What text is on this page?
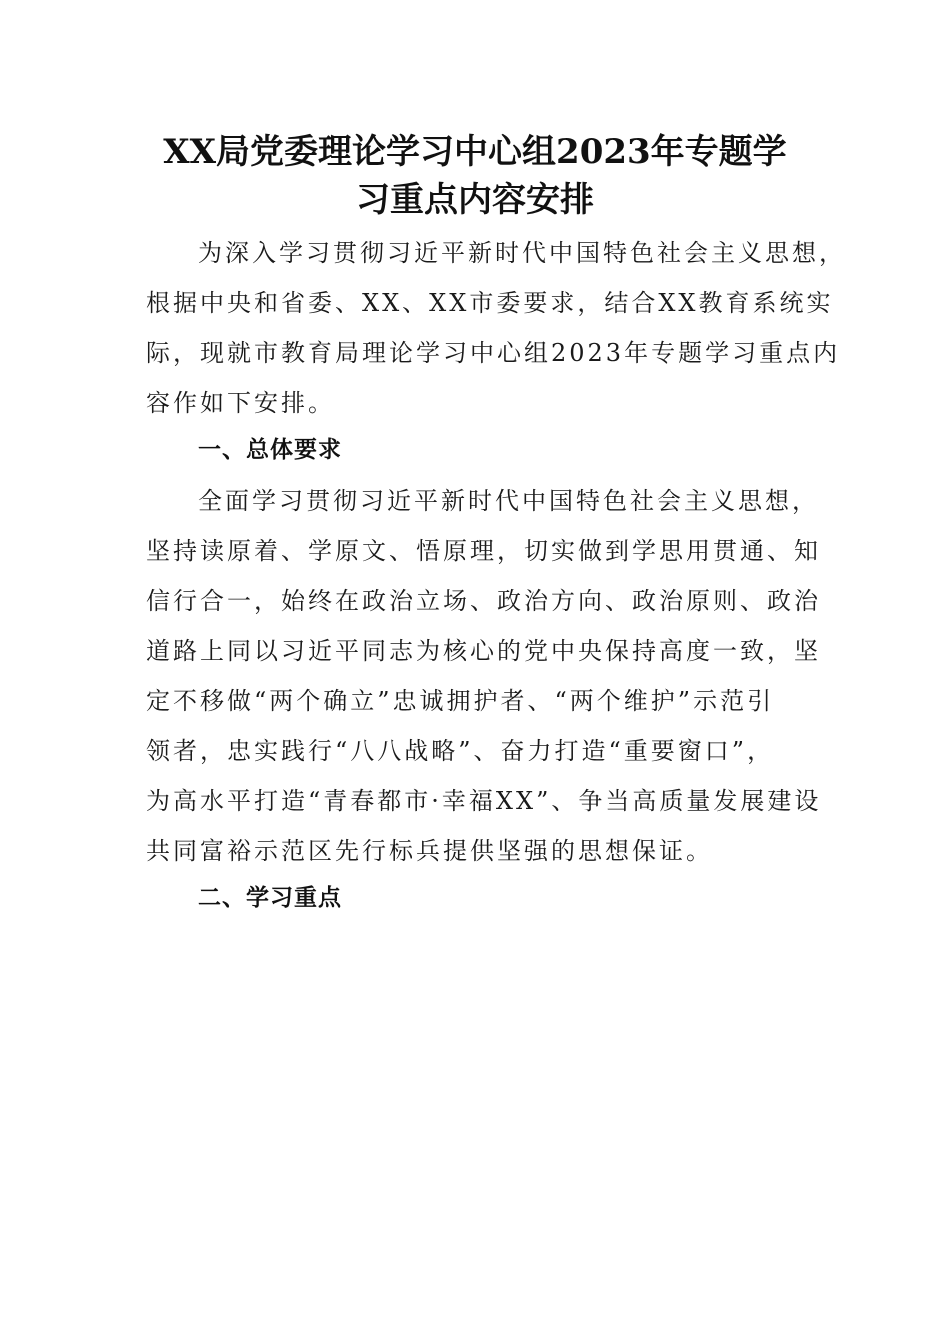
XX局党委理论学习中心组2023年专题学
习重点内容安排
为深入学习贯彻习近平新时代中国特色社会主义思想，
根据中央和省委、XX、XX市委要求，结合XX教育系统实
际，现就市教育局理论学习中心组2023年专题学习重点内
容作如下安排。
一、总体要求
全面学习贯彻习近平新时代中国特色社会主义思想，
坚持读原着、学原文、悟原理，切实做到学思用贯通、知
信行合一，始终在政治立场、政治方向、政治原则、政治
道路上同以习近平同志为核心的党中央保持高度一致，坚
定不移做“两个确立”忠诚拥护者、“两个维护”示范引
领者，忠实践行“八八战略”、奋力打造“重要窗口”，
为高水平打造“青春都市·幸福XX”、争当高质量发展建设
共同富裕示范区先行标兵提供坚强的思想保证。
二、学习重点
